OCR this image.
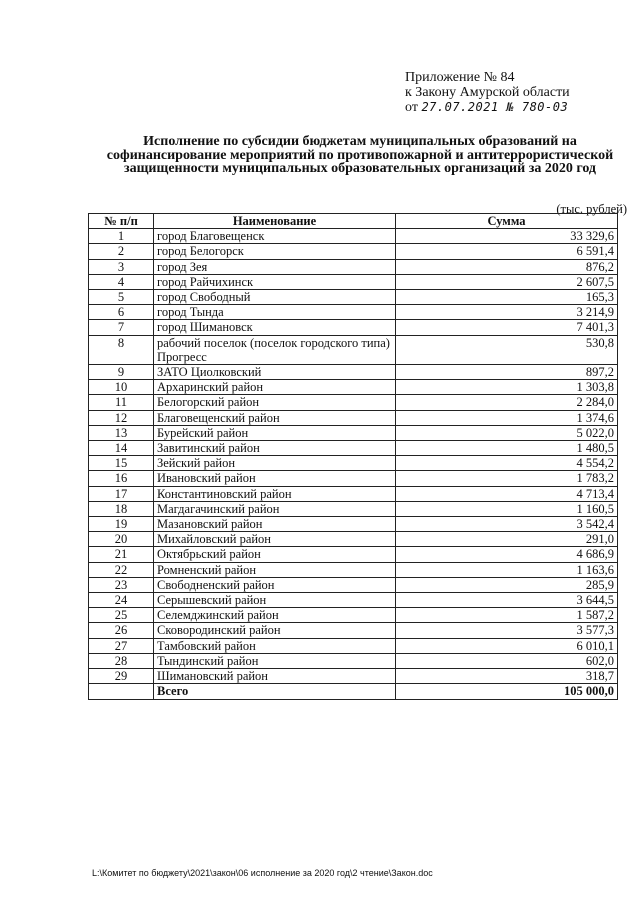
Приложение № 84
к Закону Амурской области
от 27.07.2021 № 780-03
Исполнение по субсидии бюджетам муниципальных образований на софинансирование мероприятий по противопожарной и антитеррористической защищенности муниципальных образовательных организаций за 2020 год
(тыс. рублей)
№ п/п	Наименование	Сумма
1	город Благовещенск	33 329,6
2	город Белогорск	6 591,4
3	город Зея	876,2
4	город Райчихинск	2 607,5
5	город Свободный	165,3
6	город Тында	3 214,9
7	город Шимановск	7 401,3
8	рабочий поселок (поселок городского типа) Прогресс	530,8
9	ЗАТО Циолковский	897,2
10	Архаринский район	1 303,8
11	Белогорский район	2 284,0
12	Благовещенский район	1 374,6
13	Бурейский район	5 022,0
14	Завитинский район	1 480,5
15	Зейский район	4 554,2
16	Ивановский район	1 783,2
17	Константиновский район	4 713,4
18	Магдагачинский район	1 160,5
19	Мазановский район	3 542,4
20	Михайловский район	291,0
21	Октябрьский район	4 686,9
22	Ромненский район	1 163,6
23	Свободненский район	285,9
24	Серышевский район	3 644,5
25	Селемджинский район	1 587,2
26	Сковородинский район	3 577,3
27	Тамбовский район	6 010,1
28	Тындинский район	602,0
29	Шимановский район	318,7
	Всего	105 000,0
L:\Комитет по бюджету\2021\закон\06 исполнение за 2020 год\2 чтение\Закон.doc
